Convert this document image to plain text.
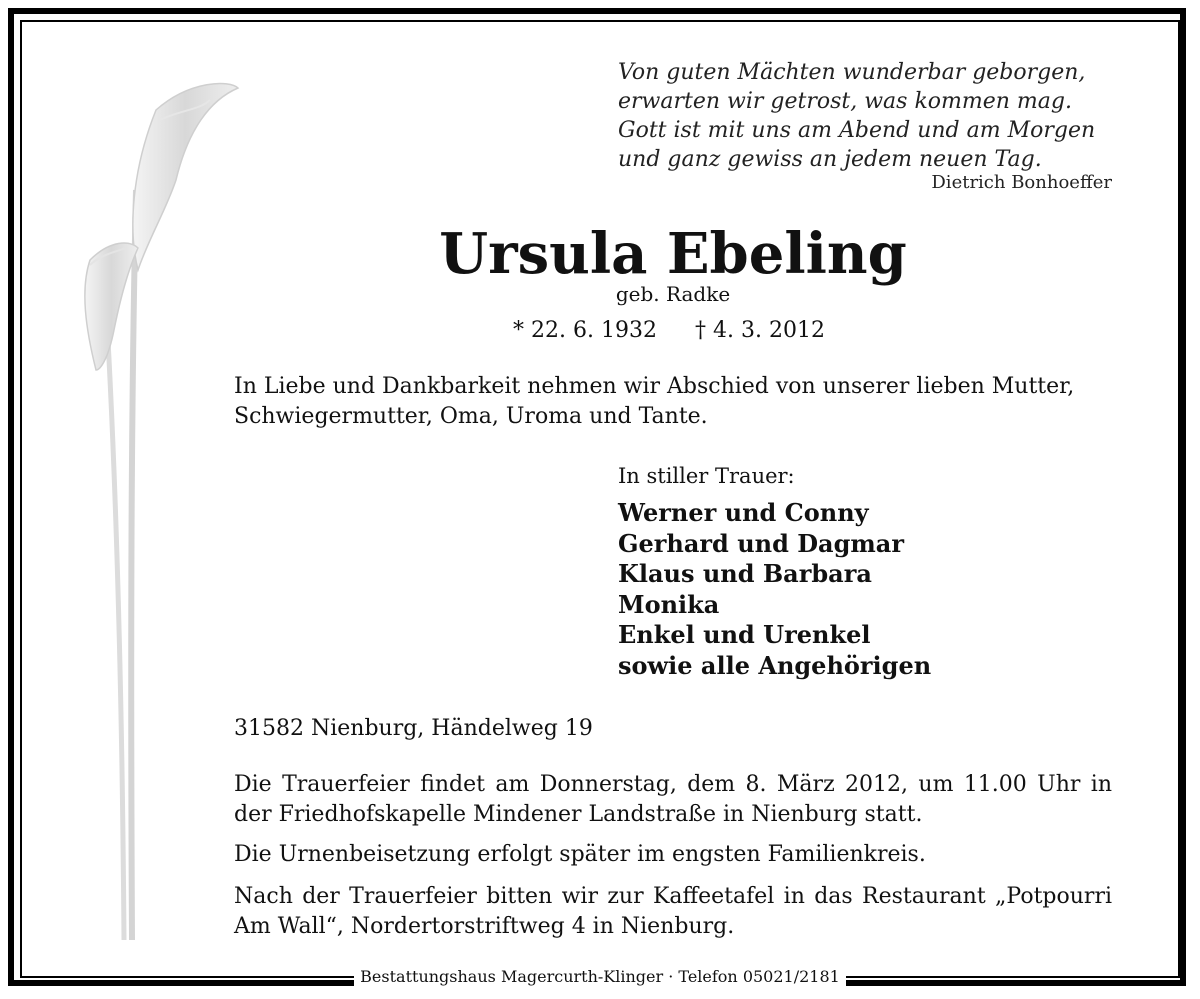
Von guten Mächten wunderbar geborgen,
erwarten wir getrost, was kommen mag.
Gott ist mit uns am Abend und am Morgen
und ganz gewiss an jedem neuen Tag.
Dietrich Bonhoeffer
Ursula Ebeling
geb. Radke
* 22. 6. 1932 † 4. 3. 2012
In Liebe und Dankbarkeit nehmen wir Abschied von unserer lieben Mutter, Schwiegermutter, Oma, Uroma und Tante.
In stiller Trauer:
Werner und Conny
Gerhard und Dagmar
Klaus und Barbara
Monika
Enkel und Urenkel
sowie alle Angehörigen
31582 Nienburg, Händelweg 19
Die Trauerfeier findet am Donnerstag, dem 8. März 2012, um 11.00 Uhr in der Friedhofskapelle Mindener Landstraße in Nienburg statt.
Die Urnenbeisetzung erfolgt später im engsten Familienkreis.
Nach der Trauerfeier bitten wir zur Kaffeetafel in das Restaurant „Potpourri Am Wall“, Nordertorstriftweg 4 in Nienburg.
Bestattungshaus Magercurth-Klinger · Telefon 05021/2181
